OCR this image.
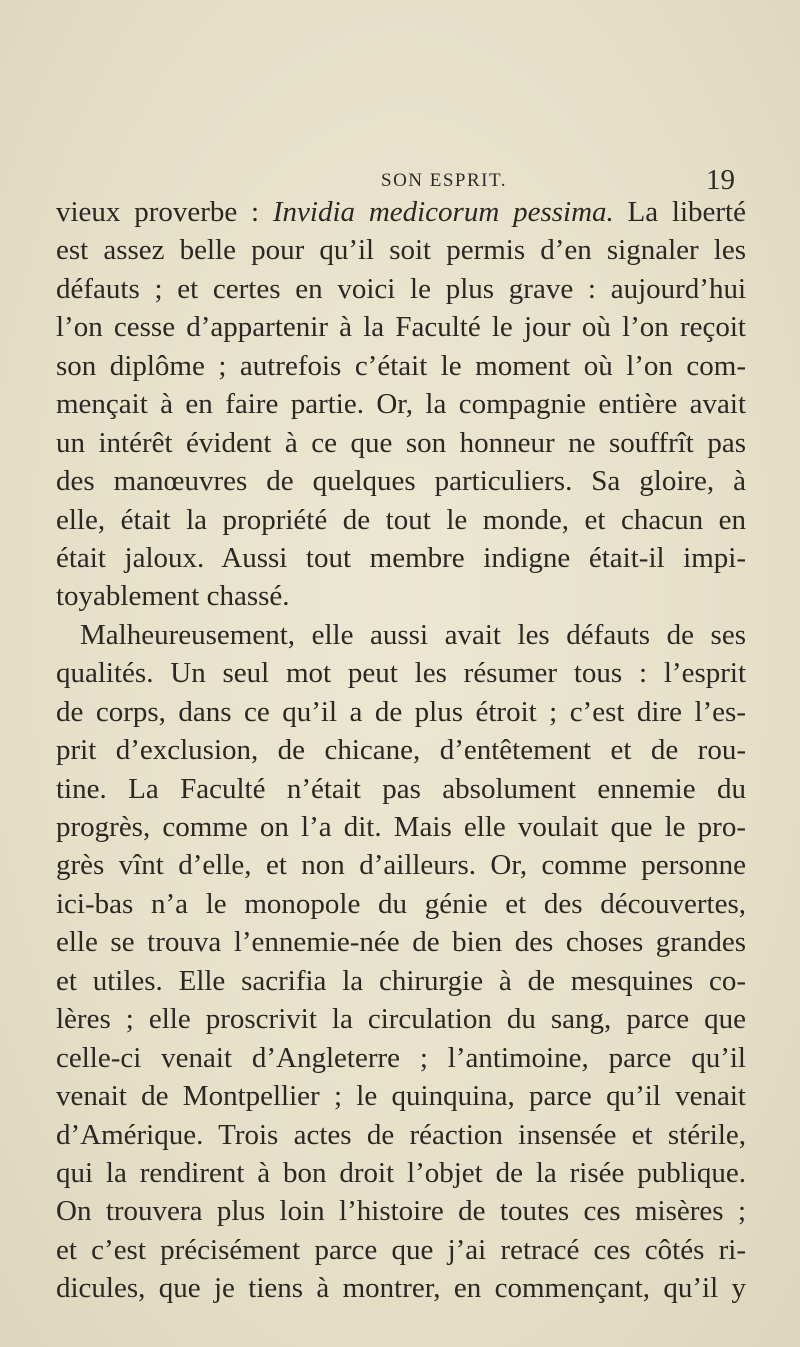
SON ESPRIT.	19
vieux proverbe : Invidia medicorum pessima. La liberté
est assez belle pour qu’il soit permis d’en signaler les
défauts ; et certes en voici le plus grave : aujourd’hui
l’on cesse d’appartenir à la Faculté le jour où l’on reçoit
son diplôme ; autrefois c’était le moment où l’on com-
mençait à en faire partie. Or, la compagnie entière avait
un intérêt évident à ce que son honneur ne souffrît pas
des manœuvres de quelques particuliers. Sa gloire, à
elle, était la propriété de tout le monde, et chacun en
était jaloux. Aussi tout membre indigne était-il impi-
toyablement chassé.
Malheureusement, elle aussi avait les défauts de ses
qualités. Un seul mot peut les résumer tous : l’esprit
de corps, dans ce qu’il a de plus étroit ; c’est dire l’es-
prit d’exclusion, de chicane, d’entêtement et de rou-
tine. La Faculté n’était pas absolument ennemie du
progrès, comme on l’a dit. Mais elle voulait que le pro-
grès vînt d’elle, et non d’ailleurs. Or, comme personne
ici-bas n’a le monopole du génie et des découvertes,
elle se trouva l’ennemie-née de bien des choses grandes
et utiles. Elle sacrifia la chirurgie à de mesquines co-
lères ; elle proscrivit la circulation du sang, parce que
celle-ci venait d’Angleterre ; l’antimoine, parce qu’il
venait de Montpellier ; le quinquina, parce qu’il venait
d’Amérique. Trois actes de réaction insensée et stérile,
qui la rendirent à bon droit l’objet de la risée publique.
On trouvera plus loin l’histoire de toutes ces misères ;
et c’est précisément parce que j’ai retracé ces côtés ri-
dicules, que je tiens à montrer, en commençant, qu’il y
